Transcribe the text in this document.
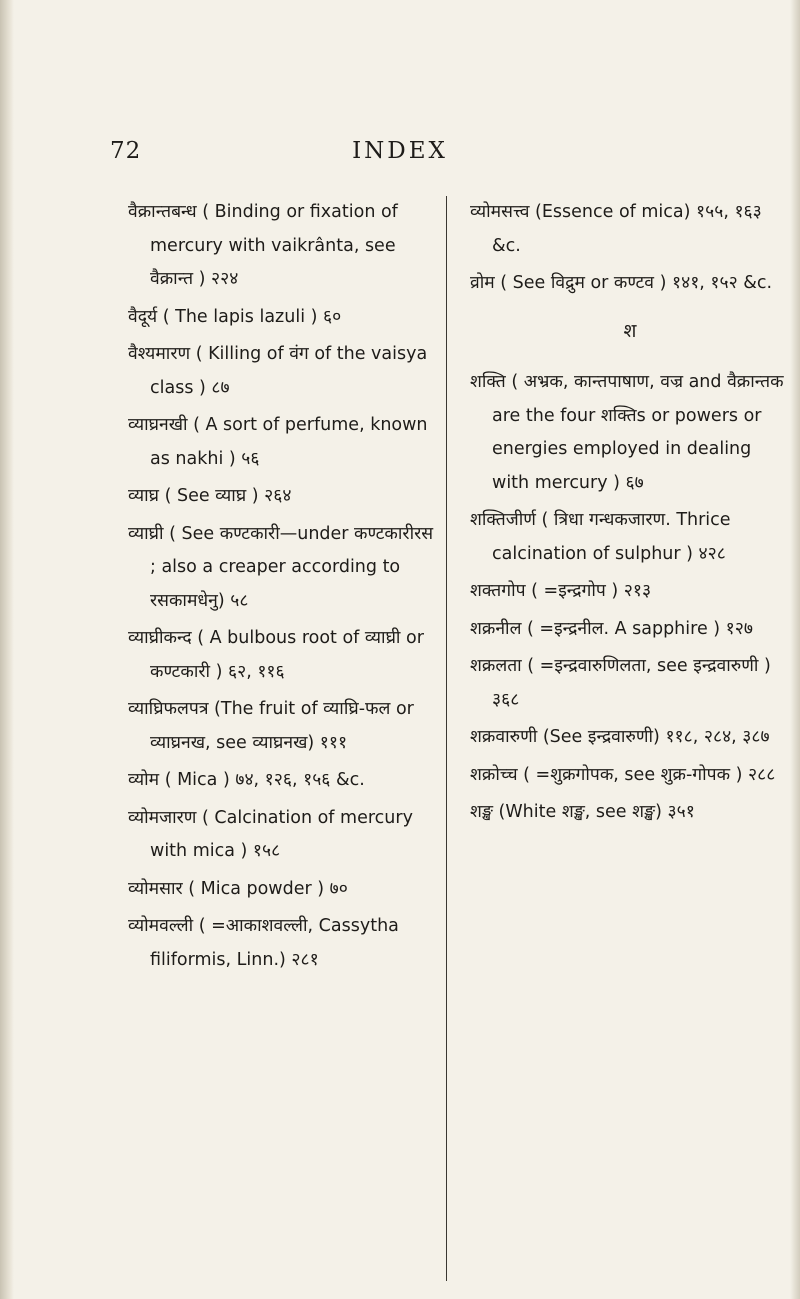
72	INDEX

वैक्रान्तबन्ध ( Binding or fixation of mercury with vaikrânta, see वैक्रान्त ) २२४

वैदूर्य ( The lapis lazuli ) ६०

वैश्यमारण ( Killing of वंग of the vaisya class ) ८७

व्याघ्रनखी ( A sort of perfume, known as nakhi ) ५६

व्याघ्र ( See व्याघ्र ) २६४

व्याघ्री ( See कण्टकारी—under कण्टकारीरस ; also a creaper according to रसकामधेनु) ५८

व्याघ्रीकन्द ( A bulbous root of व्याघ्री or कण्टकारी ) ६२, ११६

व्याघ्रिफलपत्र (The fruit of व्याघ्रि-फल or व्याघ्रनख, see व्याघ्रनख) १११

व्योम ( Mica ) ७४, १२६, १५६ &c.

व्योमजारण ( Calcination of mercury with mica ) १५८

व्योमसार ( Mica powder ) ७०

व्योमवल्ली ( =आकाशवल्ली, Cassytha filiformis, Linn.) २८१

व्योमसत्त्व (Essence of mica) १५५, १६३ &c.

व्रोम ( See विद्रुम or कण्टव ) १४१, १५२ &c.

श

शक्ति ( अभ्रक, कान्तपाषाण, वज्र and वैक्रान्तक are the four शक्तिs or powers or energies employed in dealing with mercury ) ६७

शक्तिजीर्ण ( त्रिधा गन्धकजारण. Thrice calcination of sulphur ) ४२८

शक्तगोप ( =इन्द्रगोप ) २१३

शक्रनील ( =इन्द्रनील. A sapphire ) १२७

शक्रलता ( =इन्द्रवारुणिलता, see इन्द्रवारुणी ) ३६८

शक्रवारुणी (See इन्द्रवारुणी) ११८, २८४, ३८७

शक्रोच्च ( =शुक्रगोपक, see शुक्र-गोपक ) २८८

शङ्ख (White शङ्ख, see शङ्ख) ३५१
